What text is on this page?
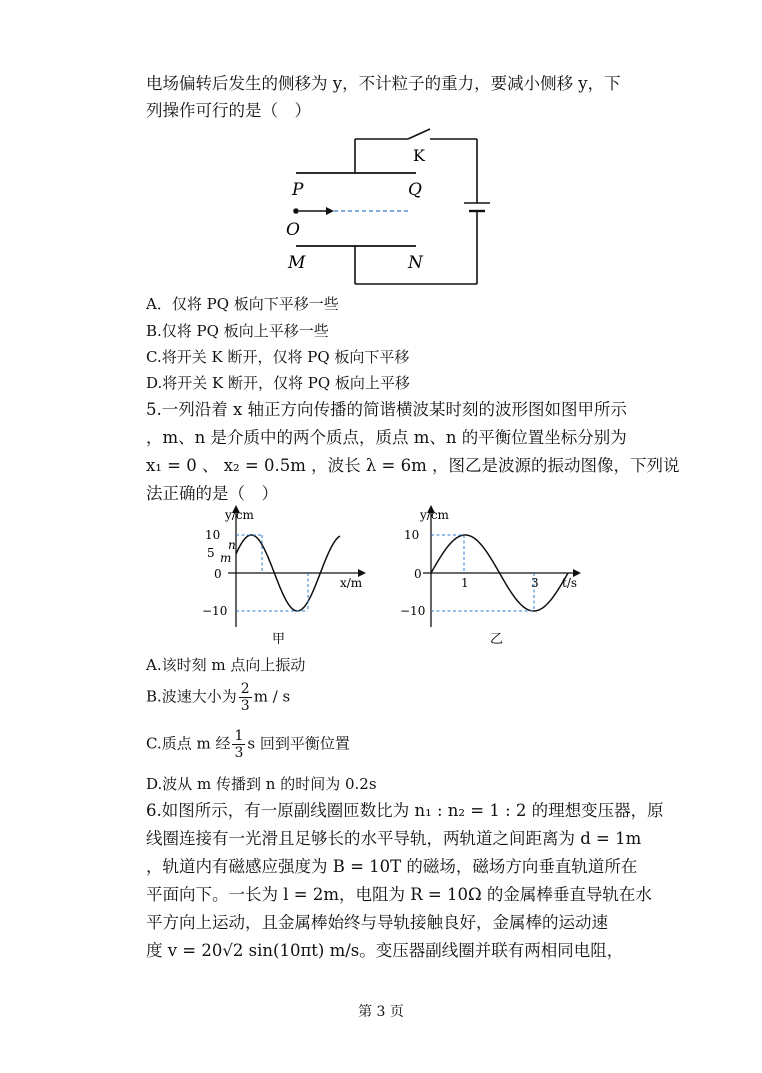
电场偏转后发生的侧移为 y，不计粒子的重力，要减小侧移 y，下
列操作可行的是（　）
K
P	Q
O
M	N
A．仅将 PQ 板向下平移一些
B.仅将 PQ 板向上平移一些
C.将开关 K 断开，仅将 PQ 板向下平移
D.将开关 K 断开，仅将 PQ 板向上平移
5.一列沿着 x 轴正方向传播的简谐横波某时刻的波形图如图甲所示
，m、n 是介质中的两个质点，质点 m、n 的平衡位置坐标分别为
x₁ = 0 、 x₂ = 0.5m ，波长 λ = 6m ，图乙是波源的振动图像，下列说
法正确的是（　）
y/cm
x/m
10
5
0
−10
n
m
甲
y/cm
t/s
10
0
−10
1	3
乙
A.该时刻 m 点向上振动
B.波速大小为 $\frac{2}{3}$ m / s
C.质点 m 经 $\frac{1}{3}$ s 回到平衡位置
D.波从 m 传播到 n 的时间为 0.2s
6.如图所示，有一原副线圈匝数比为 n₁ : n₂ = 1 : 2 的理想变压器，原
线圈连接有一光滑且足够长的水平导轨，两轨道之间距离为 d = 1m
，轨道内有磁感应强度为 B = 10T 的磁场，磁场方向垂直轨道所在
平面向下。一长为 l = 2m，电阻为 R = 10Ω 的金属棒垂直导轨在水
平方向上运动，且金属棒始终与导轨接触良好，金属棒的运动速
度 v = 20√2 sin(10πt) m/s。变压器副线圈并联有两相同电阻，
第 3 页
